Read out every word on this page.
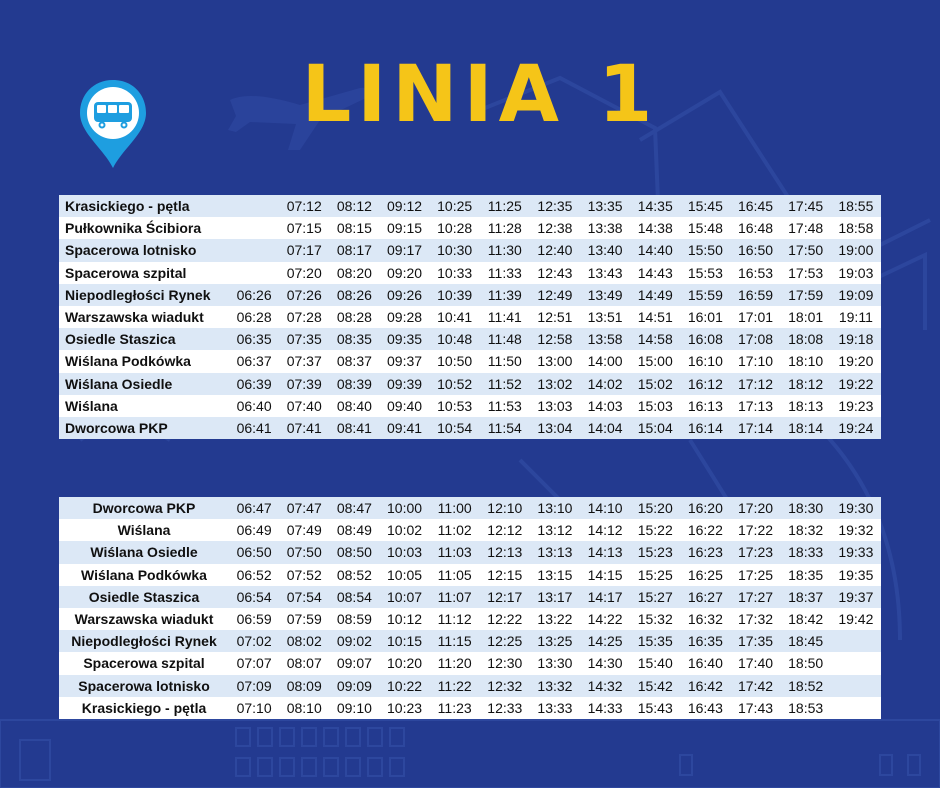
LINIA 1
Krasickiego - pętla		07:12	08:12	09:12	10:25	11:25	12:35	13:35	14:35	15:45	16:45	17:45	18:55
Pułkownika Ścibiora		07:15	08:15	09:15	10:28	11:28	12:38	13:38	14:38	15:48	16:48	17:48	18:58
Spacerowa lotnisko		07:17	08:17	09:17	10:30	11:30	12:40	13:40	14:40	15:50	16:50	17:50	19:00
Spacerowa szpital		07:20	08:20	09:20	10:33	11:33	12:43	13:43	14:43	15:53	16:53	17:53	19:03
Niepodległości Rynek	06:26	07:26	08:26	09:26	10:39	11:39	12:49	13:49	14:49	15:59	16:59	17:59	19:09
Warszawska wiadukt	06:28	07:28	08:28	09:28	10:41	11:41	12:51	13:51	14:51	16:01	17:01	18:01	19:11
Osiedle Staszica	06:35	07:35	08:35	09:35	10:48	11:48	12:58	13:58	14:58	16:08	17:08	18:08	19:18
Wiślana Podkówka	06:37	07:37	08:37	09:37	10:50	11:50	13:00	14:00	15:00	16:10	17:10	18:10	19:20
Wiślana Osiedle	06:39	07:39	08:39	09:39	10:52	11:52	13:02	14:02	15:02	16:12	17:12	18:12	19:22
Wiślana	06:40	07:40	08:40	09:40	10:53	11:53	13:03	14:03	15:03	16:13	17:13	18:13	19:23
Dworcowa PKP	06:41	07:41	08:41	09:41	10:54	11:54	13:04	14:04	15:04	16:14	17:14	18:14	19:24
Dworcowa PKP	06:47	07:47	08:47	10:00	11:00	12:10	13:10	14:10	15:20	16:20	17:20	18:30	19:30
Wiślana	06:49	07:49	08:49	10:02	11:02	12:12	13:12	14:12	15:22	16:22	17:22	18:32	19:32
Wiślana Osiedle	06:50	07:50	08:50	10:03	11:03	12:13	13:13	14:13	15:23	16:23	17:23	18:33	19:33
Wiślana Podkówka	06:52	07:52	08:52	10:05	11:05	12:15	13:15	14:15	15:25	16:25	17:25	18:35	19:35
Osiedle Staszica	06:54	07:54	08:54	10:07	11:07	12:17	13:17	14:17	15:27	16:27	17:27	18:37	19:37
Warszawska wiadukt	06:59	07:59	08:59	10:12	11:12	12:22	13:22	14:22	15:32	16:32	17:32	18:42	19:42
Niepodległości Rynek	07:02	08:02	09:02	10:15	11:15	12:25	13:25	14:25	15:35	16:35	17:35	18:45	
Spacerowa szpital	07:07	08:07	09:07	10:20	11:20	12:30	13:30	14:30	15:40	16:40	17:40	18:50	
Spacerowa lotnisko	07:09	08:09	09:09	10:22	11:22	12:32	13:32	14:32	15:42	16:42	17:42	18:52	
Krasickiego - pętla	07:10	08:10	09:10	10:23	11:23	12:33	13:33	14:33	15:43	16:43	17:43	18:53	
